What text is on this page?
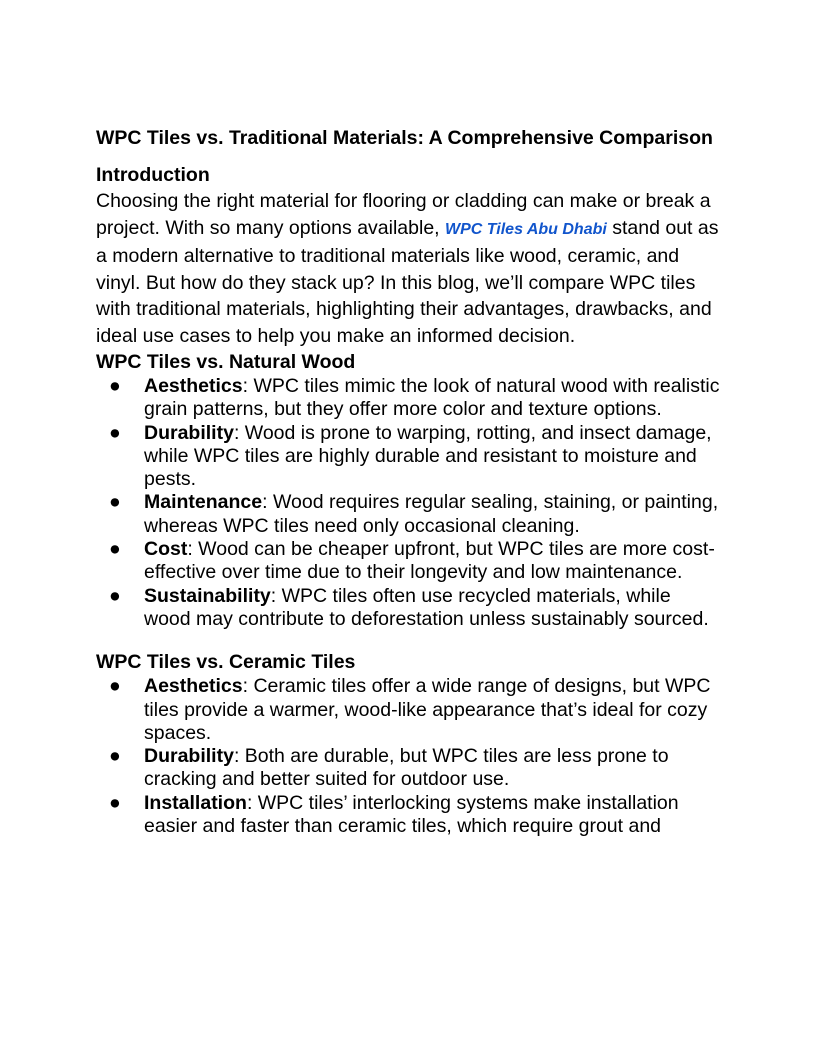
WPC Tiles vs. Traditional Materials: A Comprehensive Comparison
Introduction

Choosing the right material for flooring or cladding can make or break a project. With so many options available, WPC Tiles Abu Dhabi stand out as a modern alternative to traditional materials like wood, ceramic, and vinyl. But how do they stack up? In this blog, we’ll compare WPC tiles with traditional materials, highlighting their advantages, drawbacks, and ideal use cases to help you make an informed decision.

WPC Tiles vs. Natural Wood
● Aesthetics: WPC tiles mimic the look of natural wood with realistic grain patterns, but they offer more color and texture options.
● Durability: Wood is prone to warping, rotting, and insect damage, while WPC tiles are highly durable and resistant to moisture and pests.
● Maintenance: Wood requires regular sealing, staining, or painting, whereas WPC tiles need only occasional cleaning.
● Cost: Wood can be cheaper upfront, but WPC tiles are more cost-effective over time due to their longevity and low maintenance.
● Sustainability: WPC tiles often use recycled materials, while wood may contribute to deforestation unless sustainably sourced.
WPC Tiles vs. Ceramic Tiles
● Aesthetics: Ceramic tiles offer a wide range of designs, but WPC tiles provide a warmer, wood-like appearance that’s ideal for cozy spaces.
● Durability: Both are durable, but WPC tiles are less prone to cracking and better suited for outdoor use.
● Installation: WPC tiles’ interlocking systems make installation easier and faster than ceramic tiles, which require grout and
